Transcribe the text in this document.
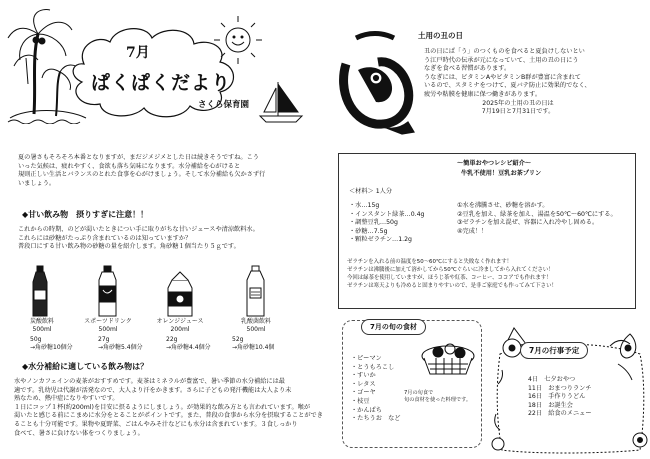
7月
ぱくぱくだより
さくら保育園
夏の暑さもそろそろ本番となりますが、まだジメジメとした日は続きそうですね。こう
いった気候は、疲れやすく、食欲も落ち気味になります。水分補給を心がけると
規則正しい生活とバランスのとれた食事を心がけましょう。そして水分補給も欠かさず行
いましょう。
◆甘い飲み物　摂りすぎに注意！！
これからの時期、のどが渇いたときについ手に取りがちな甘いジュースや清涼飲料水。
これらには砂糖がたっぷり含まれているのは知っていますか？
普段口にする甘い飲み物の砂糖の量を紹介します。角砂糖１個当たり５ｇです。
炭酸飲料
500ml
50g
→角砂糖10個分
スポーツドリンク
500ml
27g
→角砂糖5.4個分
オレンジジュース
200ml
22g
→角砂糖4.4個分
乳酸菌飲料
500ml
52g
→角砂糖10.4個
◆水分補給に適している飲み物は？
水やノンカフェインの麦茶がおすすめです。麦茶はミネラルが豊富で、暑い季節の水分補給には最
適です。乳幼児は代謝が活発なので、大人より汗をかきます。さらに子どもの発汗機能は大人より未
熟なため、熱中症になりやすいです。
１日にコップ１杯(約200ml)を目安に摂るようにしましょう。が効果的な飲み方とも言われています。喉が
渇いたと感じる前にこまめに水分をとることがポイントです。また、普段の食事から水分を摂取することができ
ることも十分可能です。果物や夏野菜、ごはんやみそ汁などにも水分は含まれています。３食しっかり
食べて、暑さに負けない体をつくりましょう。
土用の丑の日
丑の日にぱ「う」のつくものを食べると夏負けしないとい
う江戸時代の伝承が元になっていて、土用の丑の日にう
なぎを食べる習慣があります。
うなぎには、ビタミンAやビタミンB群が豊富に含まれて
いるので、スタミナをつけて、夏バテ防止に効果的でなく、
疲労や粘膜を健康に保つ働きがあります。
2025年の土用の丑の日は
7月19日と7月31日です。
～簡単おやつレシピ紹介～
牛乳不使用！豆乳お茶プリン
＜材料＞ 1人分
・水…15g
・インスタント緑茶…0.4g
・調整豆乳…50g
・砂糖…7.5g
・顆粒ゼラチン…1.2g
①水を沸騰させ、砂糖を溶かす。
②豆乳を加え、緑茶を加え、湯温を50℃～60℃にする。
③ゼラチンを加え混ぜ、容器に入れ冷やし固める。
④完成！！
ゼラチンを入れる前の温度を50～60℃にすると失敗なく作れます！
ゼラチンは沸騰後に加えて溶かしてから50℃ぐらいに冷ましてから入れてください！
今回は緑茶を使用していますが、ほうじ茶や紅茶、コーヒー、ココアでも作れます！
ゼラチンは寒天よりも冷めると固まりやすいので、是非ご家庭でも作ってみて下さい！
7月の旬の食材
・ピーマン
・とうもろこし
・すいか
・レタス
・ゴーヤ
・枝豆
・かんぱち
・たちうお　など
7月の旬食で
旬の食材を使った料理です。
7月の行事予定
4日　七夕おやつ
11日　おまつりランチ
16日　手作りうどん
18日　お誕生会
22日　給食のメニュー
